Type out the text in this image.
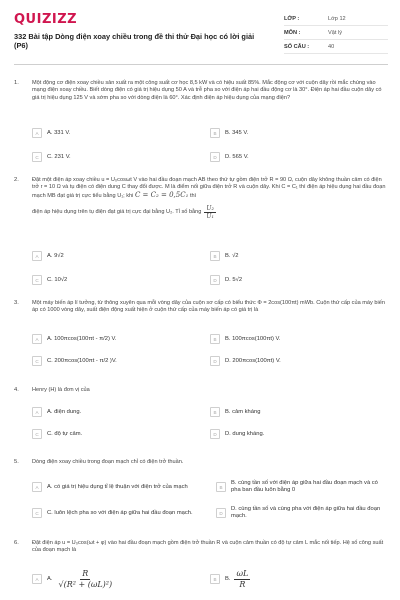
QUIZIZZ
332 Bài tập Dòng điện xoay chiều trong đề thi thử Đại học có lời giải (P6)
LỚP :	Lớp 12
MÔN :	Vật lý
SỐ CÂU :	40
1. Một động cơ điện xoay chiều sản xuất ra một công suất cơ học 8,5 kW và có hiệu suất 85%. Mắc động cơ với cuộn dây rồi mắc chúng vào mạng điện xoay chiều. Biết dòng điện có giá trị hiệu dụng 50 A và trễ pha so với điện áp hai đầu động cơ là 30°. Điện áp hai đầu cuộn dây có giá trị hiệu dụng 125 V và sớm pha so với dòng điện là 60°. Xác định điện áp hiệu dụng của mạng điện?
A	A. 331 V.	B	B. 345 V.
C	C. 231 V.	D	D. 565 V.
2. Đặt một điện áp xoay chiều u = U₀cosωt V vào hai đầu đoạn mạch AB theo thứ tự gồm điện trở R = 90 Ω, cuộn dây không thuần cảm có điện trở r = 10 Ω và tụ điện có điện dung C thay đổi được. M là điểm nối giữa điện trở R và cuộn dây. Khi C = C₁ thì điện áp hiệu dụng hai đầu đoạn mạch MB đạt giá trị cực tiểu bằng U₁; khi C = C₂ = 0,5C₁ thì
điện áp hiệu dụng trên tụ điện đạt giá trị cực đại bằng U₂. Tỉ số bằng $\frac{\text{U₂}}{\text{U₁}}$
A	A. 9√2	B	B. √2
C	C. 10√2	D	D. 5√2
3. Một máy biến áp lí tưởng, từ thông xuyên qua mỗi vòng dây của cuộn sơ cấp có biểu thức Φ = 2cos(100πt) mWb. Cuộn thứ cấp của máy biến áp có 1000 vòng dây, suất điện động xuất hiện ở cuộn thứ cấp của máy biến áp có giá trị là
A	A. 100πcos(100πt - π/2) V.	B	B. 100πcos(100πt) V.
C	C. 200πcos(100πt - π/2 )V.	D	D. 200πcos(100πt) V.
4. Henry (H) là đơn vị của
A	A. điện dung.	B	B. cảm kháng
C	C. độ tự cảm.	D	D. dung kháng.
5. Dòng điện xoay chiều trong đoạn mạch chỉ có điện trở thuần.
A	A. có giá trị hiệu dụng tỉ lệ thuận với điện trở của mạch	B
B. cùng tần số với điện áp giữa hai đầu đoạn mạch và có pha ban đầu luôn bằng 0
C	C. luôn lệch pha so với điện áp giữa hai đầu đoạn mạch.	D
D. cùng tần số và cùng pha với điện áp giữa hai đầu đoạn mạch.
6. Đặt điện áp u = U₀cos(ωt + φ) vào hai đầu đoạn mạch gồm điện trở thuần R và cuộn cảm thuần có độ tự cảm L mắc nối tiếp. Hệ số công suất của đoạn mạch là
A	A. $\frac{R}{\text{√(R² + (ωL)²)}}$	B	B. $\frac{\omega L}{R}$
